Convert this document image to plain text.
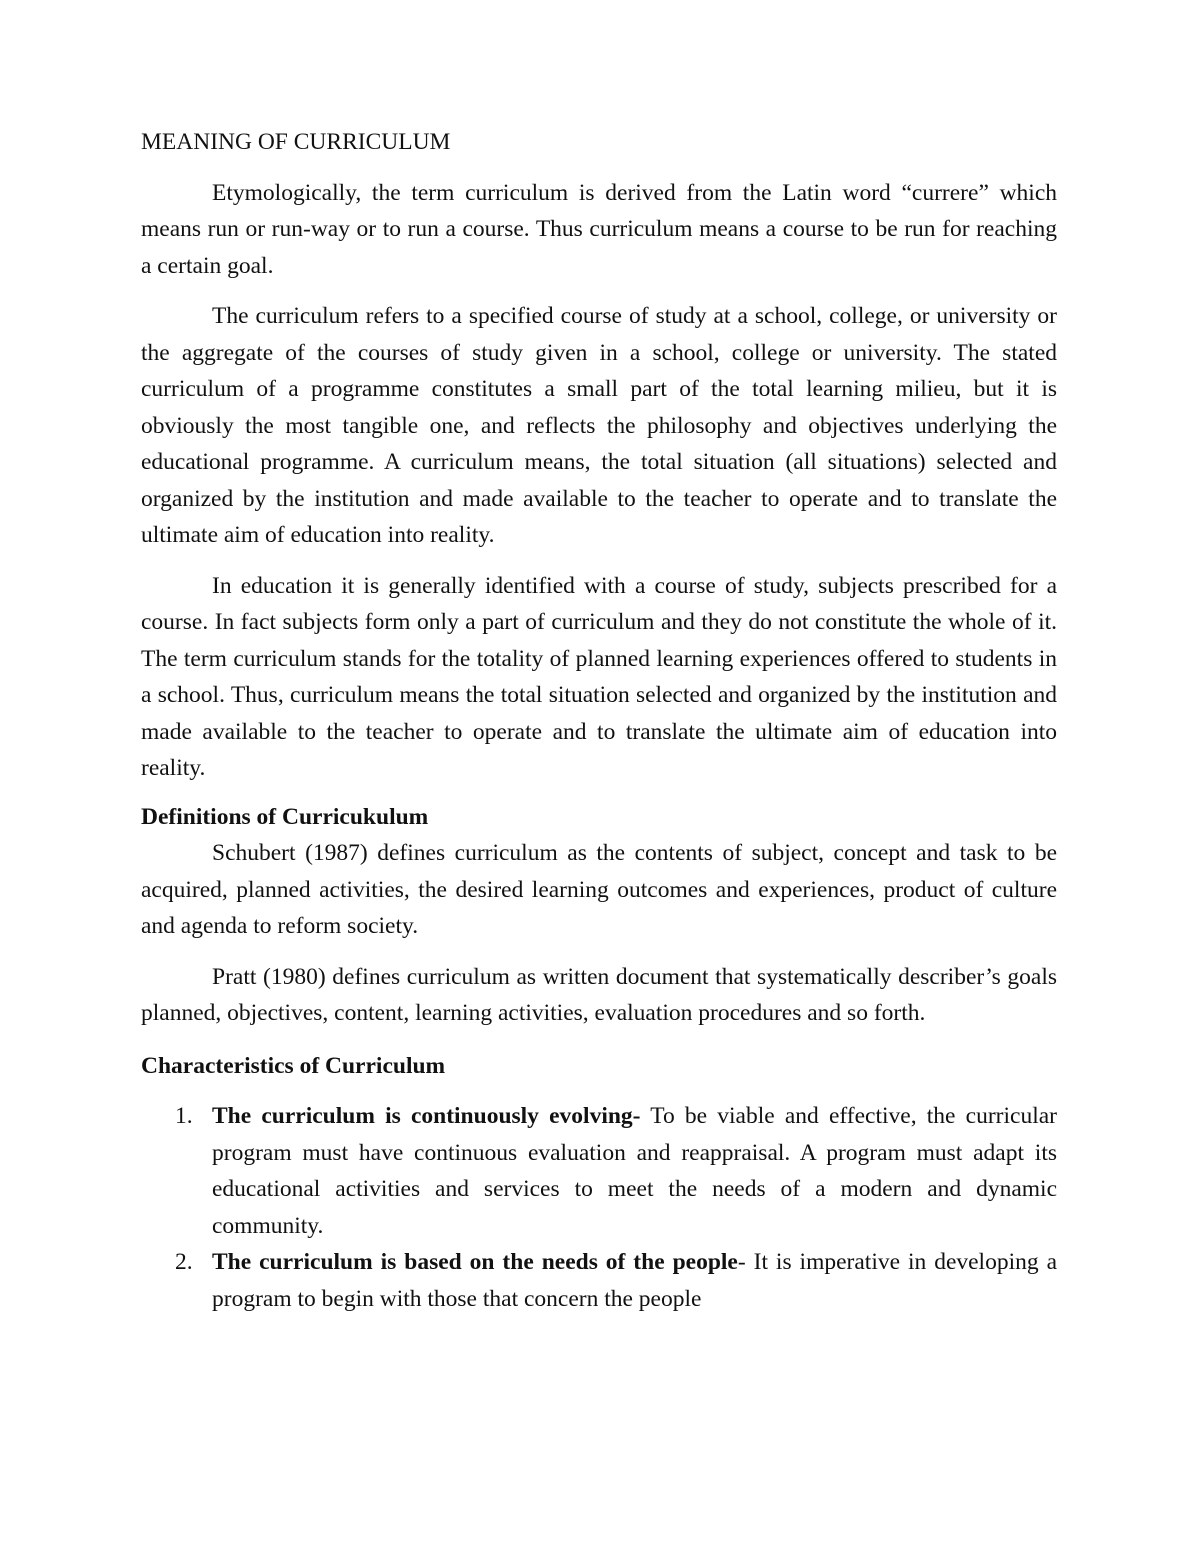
MEANING OF CURRICULUM

Etymologically, the term curriculum is derived from the Latin word “currere” which means run or run-way or to run a course. Thus curriculum means a course to be run for reaching a certain goal.

The curriculum refers to a specified course of study at a school, college, or university or the aggregate of the courses of study given in a school, college or university. The stated curriculum of a programme constitutes a small part of the total learning milieu, but it is obviously the most tangible one, and reflects the philosophy and objectives underlying the educational programme. A curriculum means, the total situation (all situations) selected and organized by the institution and made available to the teacher to operate and to translate the ultimate aim of education into reality.

In education it is generally identified with a course of study, subjects prescribed for a course. In fact subjects form only a part of curriculum and they do not constitute the whole of it. The term curriculum stands for the totality of planned learning experiences offered to students in a school. Thus, curriculum means the total situation selected and organized by the institution and made available to the teacher to operate and to translate the ultimate aim of education into reality.

Definitions of Curricukulum

Schubert (1987) defines curriculum as the contents of subject, concept and task to be acquired, planned activities, the desired learning outcomes and experiences, product of culture and agenda to reform society.

Pratt (1980) defines curriculum as written document that systematically describer’s goals planned, objectives, content, learning activities, evaluation procedures and so forth.

Characteristics of Curriculum
1. The curriculum is continuously evolving- To be viable and effective, the curricular program must have continuous evaluation and reappraisal. A program must adapt its educational activities and services to meet the needs of a modern and dynamic community.
2. The curriculum is based on the needs of the people- It is imperative in developing a program to begin with those that concern the people
